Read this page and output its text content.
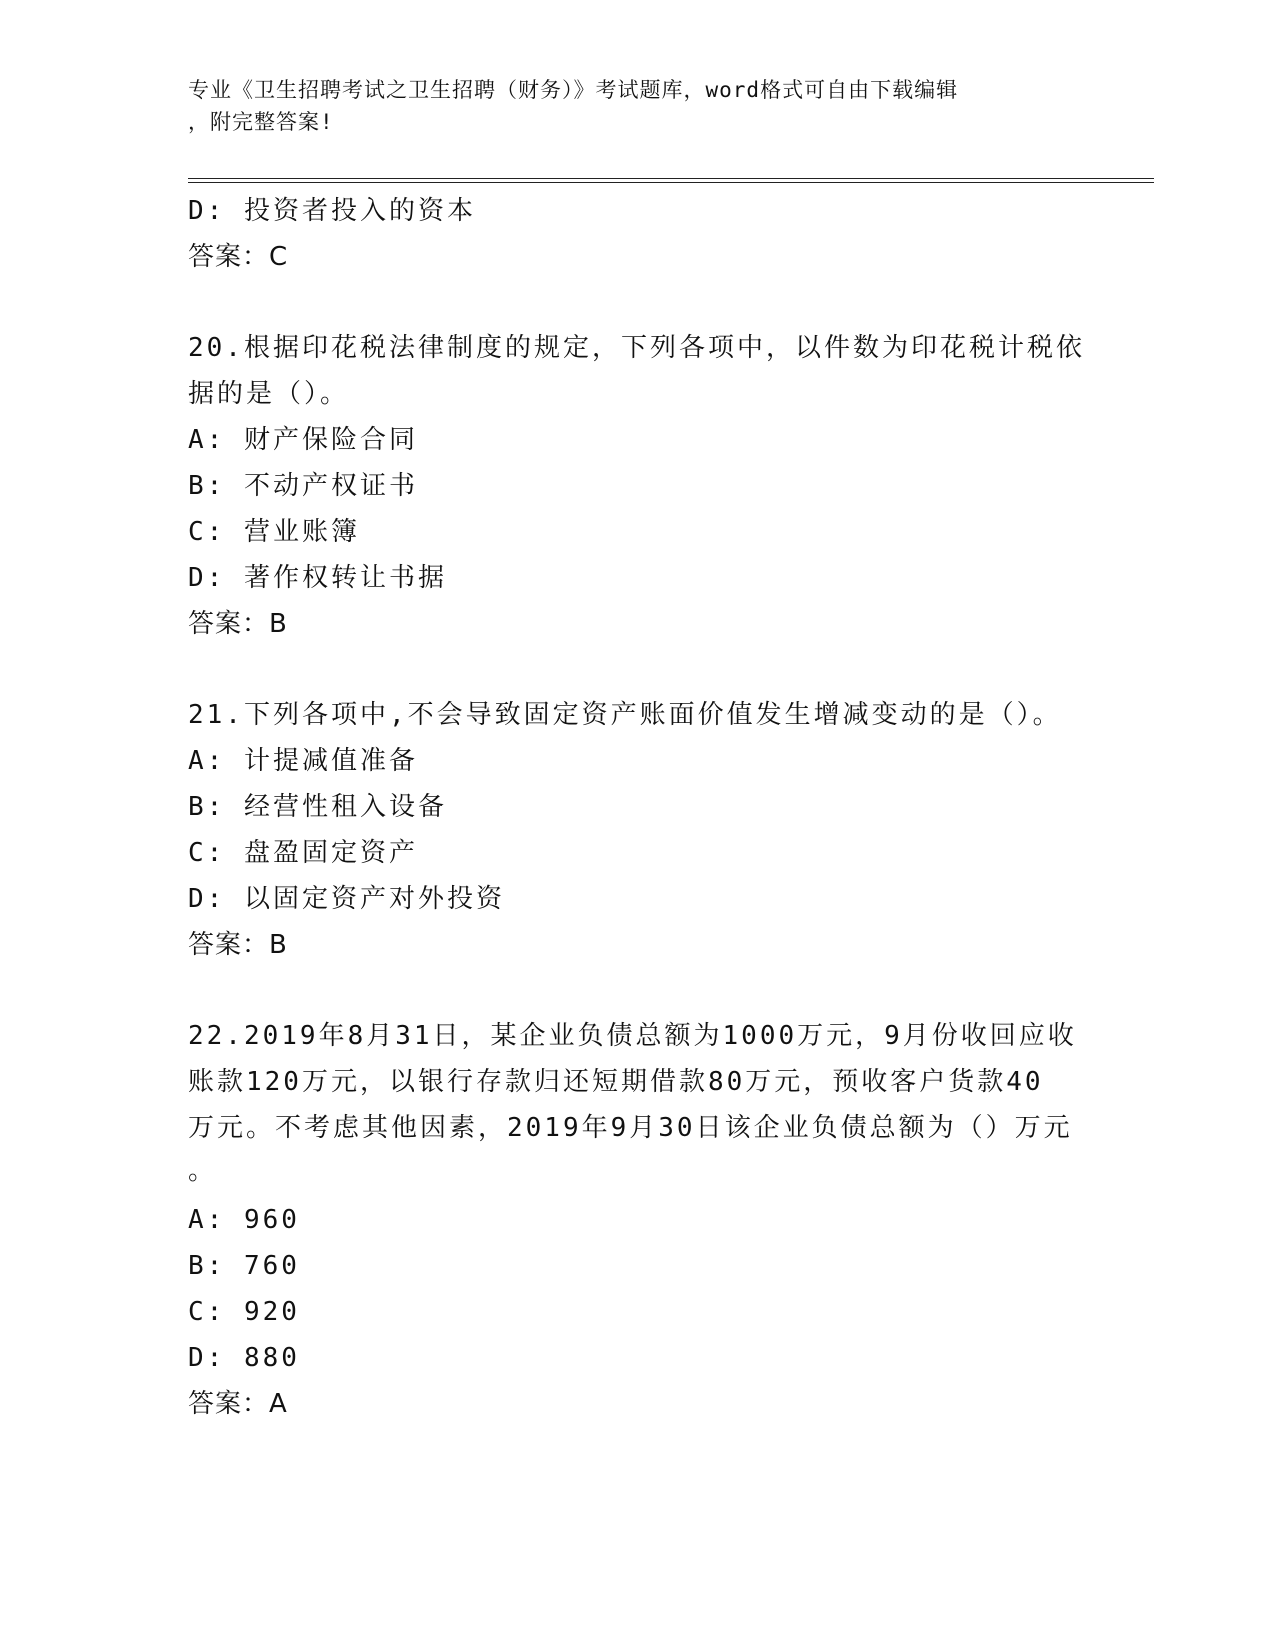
专业《卫生招聘考试之卫生招聘（财务）》考试题库，word格式可自由下载编辑
，附完整答案!
D: 投资者投入的资本
答案：C
20.根据印花税法律制度的规定，下列各项中，以件数为印花税计税依
据的是（）。
A: 财产保险合同
B: 不动产权证书
C: 营业账簿
D: 著作权转让书据
答案：B
21.下列各项中,不会导致固定资产账面价值发生增减变动的是（）。
A: 计提减值准备
B: 经营性租入设备
C: 盘盈固定资产
D: 以固定资产对外投资
答案：B
22.2019年8月31日，某企业负债总额为1000万元，9月份收回应收
账款120万元，以银行存款归还短期借款80万元，预收客户货款40
万元。不考虑其他因素，2019年9月30日该企业负债总额为（）万元
。
A: 960
B: 760
C: 920
D: 880
答案：A
